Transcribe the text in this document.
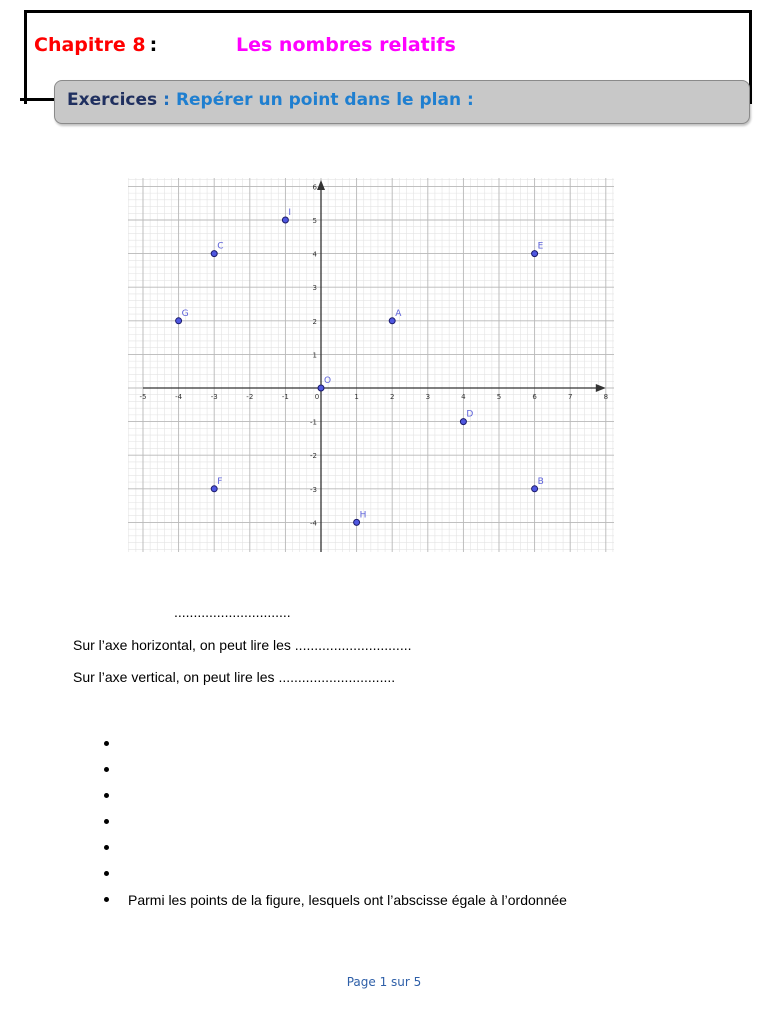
Chapitre 8 :	Les nombres relatifs
Exercices : Repérer un point dans le plan :
-5	-4	-3	-2	-1	0	1	2	3	4	5	6	7	8
-4
-3
-2
-1
1
2
3
4
5
6
A
B
C
D
E
F
G
H
I
O
..............................
Sur l’axe horizontal, on peut lire les ..............................
Sur l’axe vertical, on peut lire les ..............................
Parmi les points de la figure, lesquels ont l’abscisse égale à l’ordonnée
Page 1 sur 5
